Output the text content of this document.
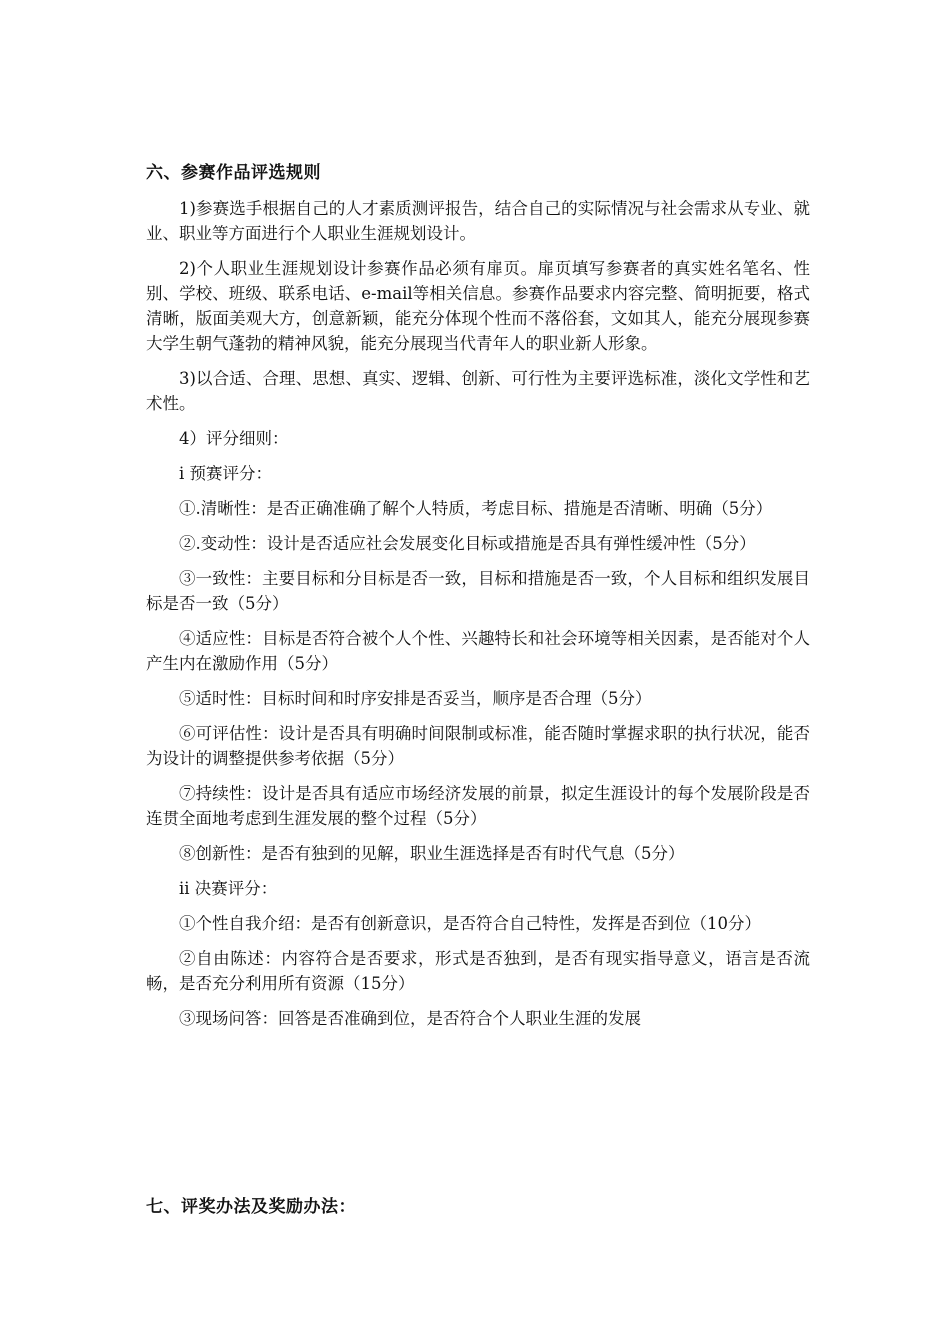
六、参赛作品评选规则

1)参赛选手根据自己的人才素质测评报告，结合自己的实际情况与社会需求从专业、就业、职业等方面进行个人职业生涯规划设计。

2)个人职业生涯规划设计参赛作品必须有扉页。扉页填写参赛者的真实姓名笔名、性别、学校、班级、联系电话、e-mail等相关信息。参赛作品要求内容完整、简明扼要，格式清晰，版面美观大方，创意新颖，能充分体现个性而不落俗套，文如其人，能充分展现参赛大学生朝气蓬勃的精神风貌，能充分展现当代青年人的职业新人形象。

3)以合适、合理、思想、真实、逻辑、创新、可行性为主要评选标准，淡化文学性和艺术性。

4）评分细则：

i 预赛评分：

①.清晰性：是否正确准确了解个人特质，考虑目标、措施是否清晰、明确（5分）

②.变动性：设计是否适应社会发展变化目标或措施是否具有弹性缓冲性（5分）

③一致性：主要目标和分目标是否一致，目标和措施是否一致，个人目标和组织发展目标是否一致（5分）

④适应性：目标是否符合被个人个性、兴趣特长和社会环境等相关因素，是否能对个人产生内在激励作用（5分）

⑤适时性：目标时间和时序安排是否妥当，顺序是否合理（5分）

⑥可评估性：设计是否具有明确时间限制或标准，能否随时掌握求职的执行状况，能否为设计的调整提供参考依据（5分）

⑦持续性：设计是否具有适应市场经济发展的前景，拟定生涯设计的每个发展阶段是否连贯全面地考虑到生涯发展的整个过程（5分）

⑧创新性：是否有独到的见解，职业生涯选择是否有时代气息（5分）

ii 决赛评分：

①个性自我介绍：是否有创新意识，是否符合自己特性，发挥是否到位（10分）

②自由陈述：内容符合是否要求，形式是否独到，是否有现实指导意义，语言是否流畅，是否充分利用所有资源（15分）

③现场问答：回答是否准确到位，是否符合个人职业生涯的发展

七、评奖办法及奖励办法：
